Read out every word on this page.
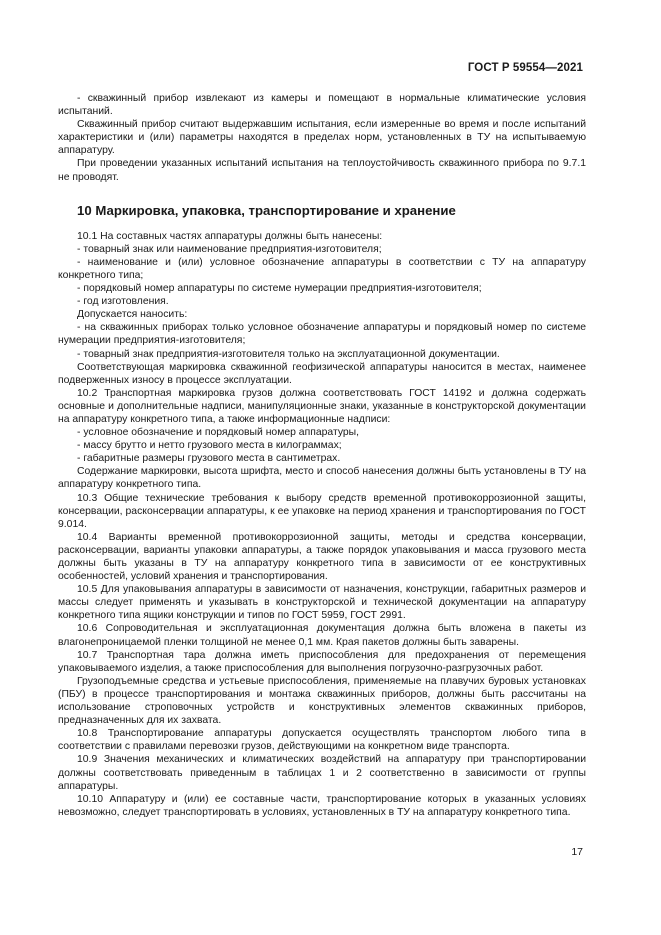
ГОСТ Р 59554—2021

- скважинный прибор извлекают из камеры и помещают в нормальные климатические условия испытаний.

Скважинный прибор считают выдержавшим испытания, если измеренные во время и после испытаний характеристики и (или) параметры находятся в пределах норм, установленных в ТУ на испытываемую аппаратуру.

При проведении указанных испытаний испытания на теплоустойчивость скважинного прибора по 9.7.1 не проводят.

10 Маркировка, упаковка, транспортирование и хранение

10.1 На составных частях аппаратуры должны быть нанесены:

- товарный знак или наименование предприятия-изготовителя;

- наименование и (или) условное обозначение аппаратуры в соответствии с ТУ на аппаратуру конкретного типа;

- порядковый номер аппаратуры по системе нумерации предприятия-изготовителя;

- год изготовления.

Допускается наносить:

- на скважинных приборах только условное обозначение аппаратуры и порядковый номер по системе нумерации предприятия-изготовителя;

- товарный знак предприятия-изготовителя только на эксплуатационной документации.

Соответствующая маркировка скважинной геофизической аппаратуры наносится в местах, наименее подверженных износу в процессе эксплуатации.

10.2 Транспортная маркировка грузов должна соответствовать ГОСТ 14192 и должна содержать основные и дополнительные надписи, манипуляционные знаки, указанные в конструкторской документации на аппаратуру конкретного типа, а также информационные надписи:

- условное обозначение и порядковый номер аппаратуры,

- массу брутто и нетто грузового места в килограммах;

- габаритные размеры грузового места в сантиметрах.

Содержание маркировки, высота шрифта, место и способ нанесения должны быть установлены в ТУ на аппаратуру конкретного типа.

10.3 Общие технические требования к выбору средств временной противокоррозионной защиты, консервации, расконсервации аппаратуры, к ее упаковке на период хранения и транспортирования по ГОСТ 9.014.

10.4 Варианты временной противокоррозионной защиты, методы и средства консервации, расконсервации, варианты упаковки аппаратуры, а также порядок упаковывания и масса грузового места должны быть указаны в ТУ на аппаратуру конкретного типа в зависимости от ее конструктивных особенностей, условий хранения и транспортирования.

10.5 Для упаковывания аппаратуры в зависимости от назначения, конструкции, габаритных размеров и массы следует применять и указывать в конструкторской и технической документации на аппаратуру конкретного типа ящики конструкции и типов по ГОСТ 5959, ГОСТ 2991.

10.6 Сопроводительная и эксплуатационная документация должна быть вложена в пакеты из влагонепроницаемой пленки толщиной не менее 0,1 мм. Края пакетов должны быть заварены.

10.7 Транспортная тара должна иметь приспособления для предохранения от перемещения упаковываемого изделия, а также приспособления для выполнения погрузочно-разгрузочных работ.

Грузоподъемные средства и устьевые приспособления, применяемые на плавучих буровых установках (ПБУ) в процессе транспортирования и монтажа скважинных приборов, должны быть рассчитаны на использование строповочных устройств и конструктивных элементов скважинных приборов, предназначенных для их захвата.

10.8 Транспортирование аппаратуры допускается осуществлять транспортом любого типа в соответствии с правилами перевозки грузов, действующими на конкретном виде транспорта.

10.9 Значения механических и климатических воздействий на аппаратуру при транспортировании должны соответствовать приведенным в таблицах 1 и 2 соответственно в зависимости от группы аппаратуры.

10.10 Аппаратуру и (или) ее составные части, транспортирование которых в указанных условиях невозможно, следует транспортировать в условиях, установленных в ТУ на аппаратуру конкретного типа.

17
